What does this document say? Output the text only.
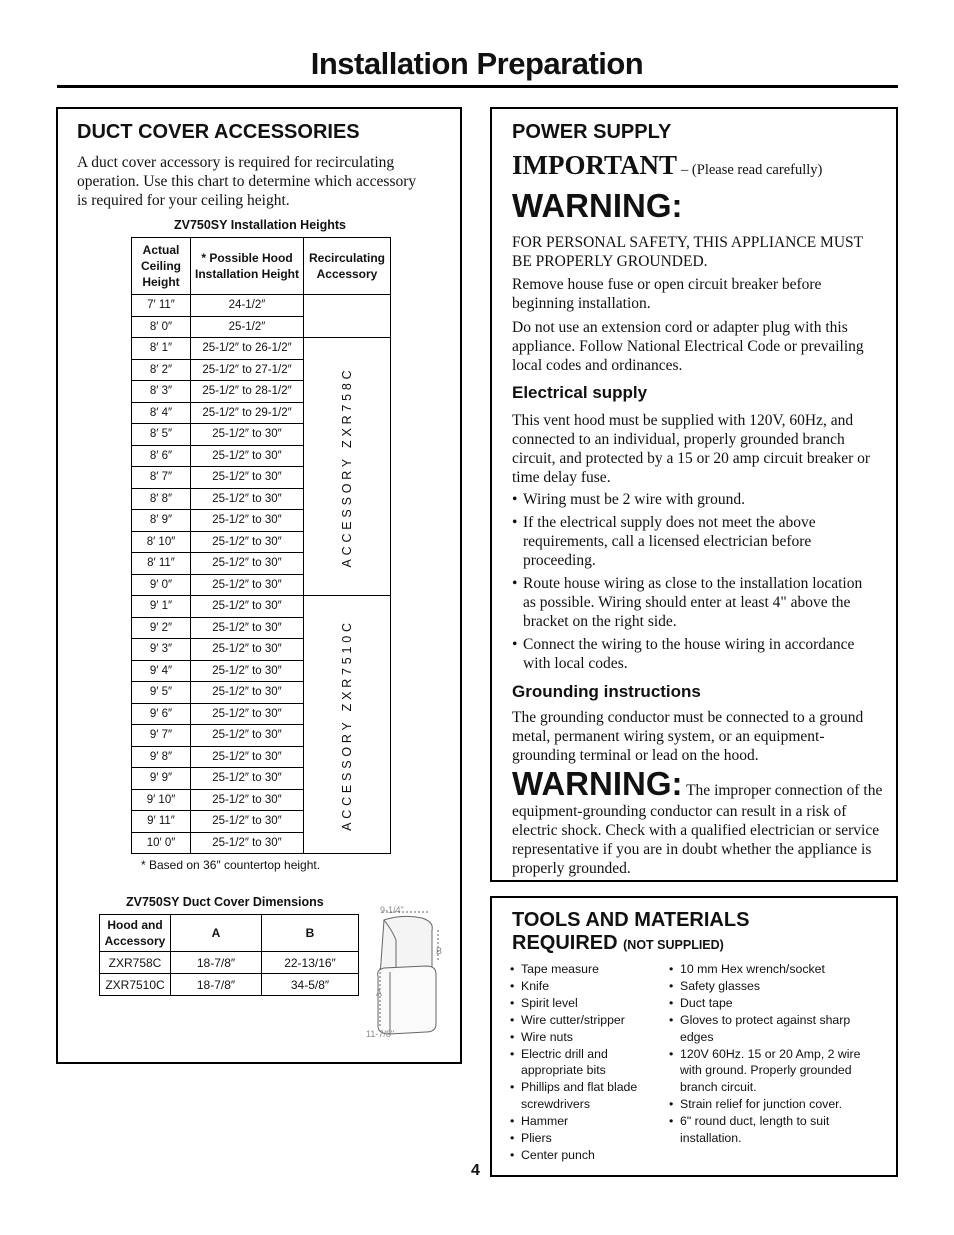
Installation Preparation
DUCT COVER ACCESSORIES
A duct cover accessory is required for recirculating operation. Use this chart to determine which accessory is required for your ceiling height.
ZV750SY Installation Heights
Actual Ceiling Height	* Possible Hood Installation Height	Recirculating Accessory
7′ 11″	24-1/2″	
8′ 0″	25-1/2″	
8′ 1″	25-1/2″ to 26-1/2″	ACCESSORY ZXR758C

8′ 2″	25-1/2″ to 27-1/2″	
8′ 3″	25-1/2″ to 28-1/2″	
8′ 4″	25-1/2″ to 29-1/2″	
8′ 5″	25-1/2″ to 30″	
8′ 6″	25-1/2″ to 30″	
8′ 7″	25-1/2″ to 30″	
8′ 8″	25-1/2″ to 30″	
8′ 9″	25-1/2″ to 30″	
8′ 10″	25-1/2″ to 30″	
8′ 11″	25-1/2″ to 30″	
9′ 0″	25-1/2″ to 30″	
9′ 1″	25-1/2″ to 30″	ACCESSORY ZXR7510C

9′ 2″	25-1/2″ to 30″	
9′ 3″	25-1/2″ to 30″	
9′ 4″	25-1/2″ to 30″	
9′ 5″	25-1/2″ to 30″	
9′ 6″	25-1/2″ to 30″	
9′ 7″	25-1/2″ to 30″	
9′ 8″	25-1/2″ to 30″	
9′ 9″	25-1/2″ to 30″	
9′ 10″	25-1/2″ to 30″	
9′ 11″	25-1/2″ to 30″	
10′ 0″	25-1/2″ to 30″	
* Based on 36″ countertop height.
ZV750SY Duct Cover Dimensions
Hood and Accessory	A	B
ZXR758C	18-7/8″	22-13/16″
ZXR7510C	18-7/8″	34-5/8″
9-1/4"
B
A
11-7/8"
POWER SUPPLY
IMPORTANT – (Please read carefully)
WARNING:
FOR PERSONAL SAFETY, THIS APPLIANCE MUST BE PROPERLY GROUNDED.
Remove house fuse or open circuit breaker before beginning installation.
Do not use an extension cord or adapter plug with this appliance. Follow National Electrical Code or prevailing local codes and ordinances.
Electrical supply
This vent hood must be supplied with 120V, 60Hz, and connected to an individual, properly grounded branch circuit, and protected by a 15 or 20 amp circuit breaker or time delay fuse.
• Wiring must be 2 wire with ground.
• If the electrical supply does not meet the above requirements, call a licensed electrician before proceeding.
• Route house wiring as close to the installation location as possible. Wiring should enter at least 4" above the bracket on the right side.
• Connect the wiring to the house wiring in accordance with local codes.
Grounding instructions
The grounding conductor must be connected to a ground metal, permanent wiring system, or an equipment-grounding terminal or lead on the hood.
WARNING: The improper connection of the equipment-grounding conductor can result in a risk of electric shock. Check with a qualified electrician or service representative if you are in doubt whether the appliance is properly grounded.
TOOLS AND MATERIALS
REQUIRED (NOT SUPPLIED)
• Tape measure
• Knife
• Spirit level
• Wire cutter/stripper
• Wire nuts
• Electric drill and appropriate bits
• Phillips and flat blade screwdrivers
• Hammer
• Pliers
• Center punch
• 10 mm Hex wrench/socket
• Safety glasses
• Duct tape
• Gloves to protect against sharp edges
• 120V 60Hz. 15 or 20 Amp, 2 wire with ground. Properly grounded branch circuit.
• Strain relief for junction cover.
• 6" round duct, length to suit installation.
4
